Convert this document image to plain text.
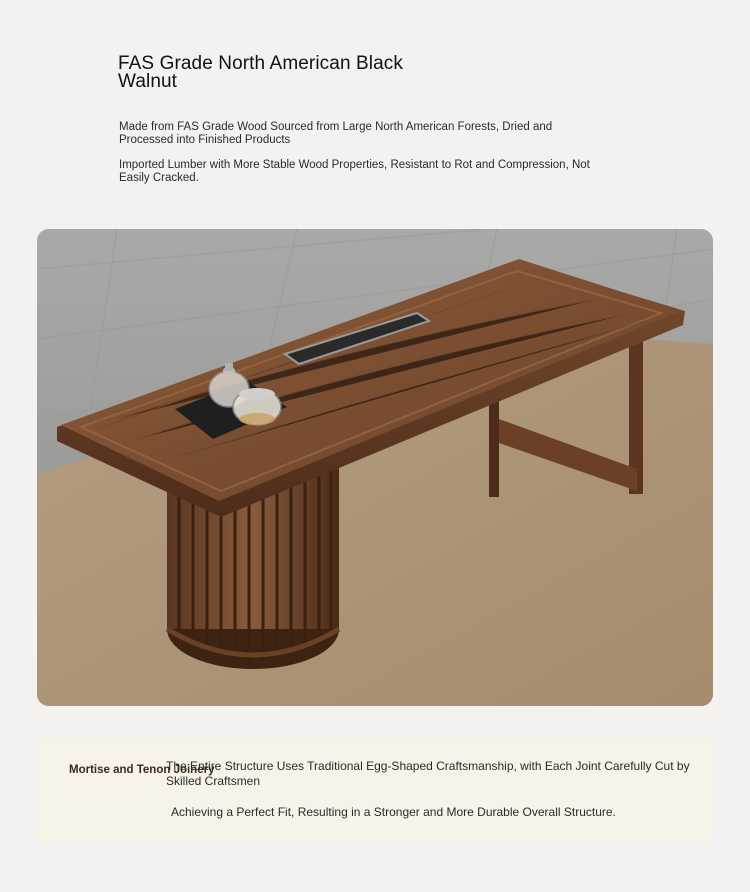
FAS Grade North American Black Walnut
Made from FAS Grade Wood Sourced from Large North American Forests, Dried and Processed into Finished Products
Imported Lumber with More Stable Wood Properties, Resistant to Rot and Compression, Not Easily Cracked.
Mortise and Tenon Joinery
The Entire Structure Uses Traditional Egg-Shaped Craftsmanship, with Each Joint Carefully Cut by Skilled Craftsmen
Achieving a Perfect Fit, Resulting in a Stronger and More Durable Overall Structure.
